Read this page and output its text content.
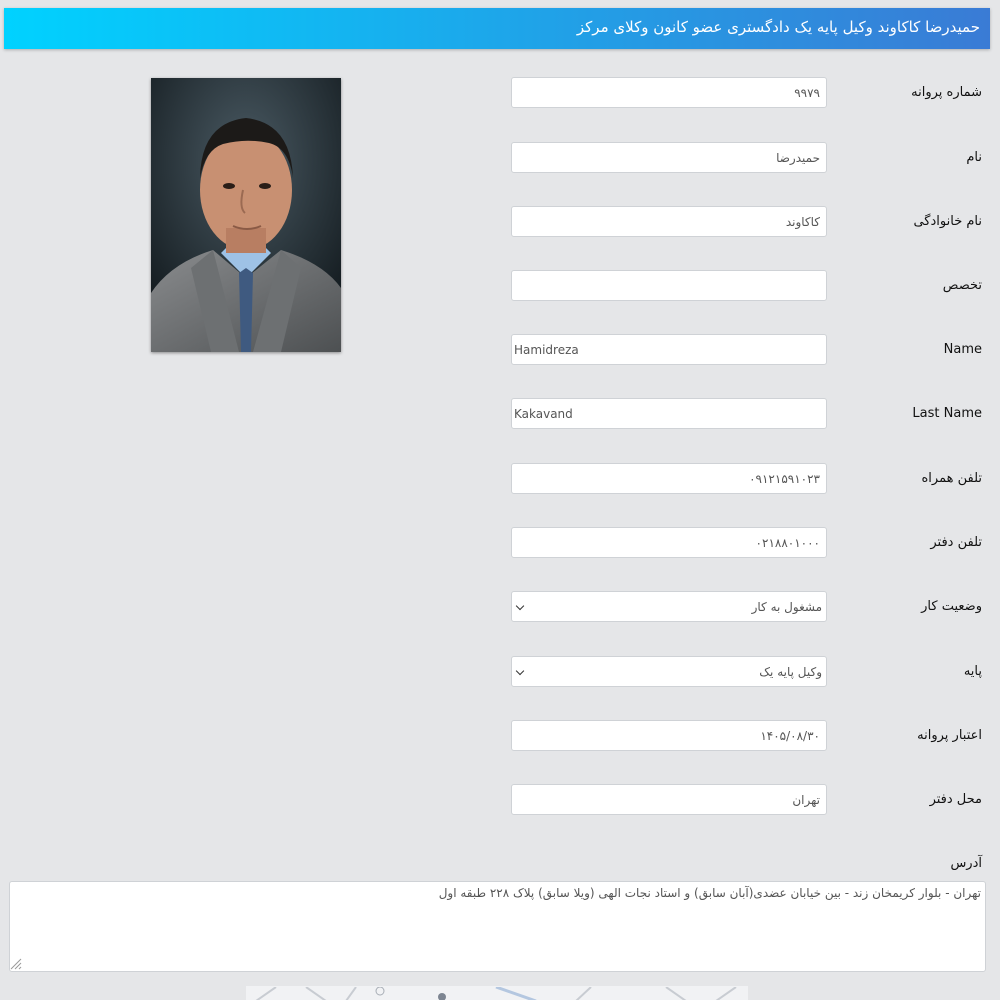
حمیدرضا کاکاوند وکیل پایه یک دادگستری عضو کانون وکلای مرکز
شماره پروانه
۹۹۷۹
نام
حمیدرضا
نام خانوادگی
کاکاوند
تخصص
Name
Hamidreza
Last Name
Kakavand
تلفن همراه
۰۹۱۲۱۵۹۱۰۲۳
تلفن دفتر
۰۲۱۸۸۰۱۰۰۰
وضعیت کار
مشغول به کار
پایه
وکیل پایه یک
اعتبار پروانه
۱۴۰۵/۰۸/۳۰
محل دفتر
تهران
آدرس
تهران - بلوار کریمخان زند - بین خیابان عضدی(آبان سابق) و استاد نجات الهی (ویلا سابق) پلاک ۲۲۸ طبقه اول
